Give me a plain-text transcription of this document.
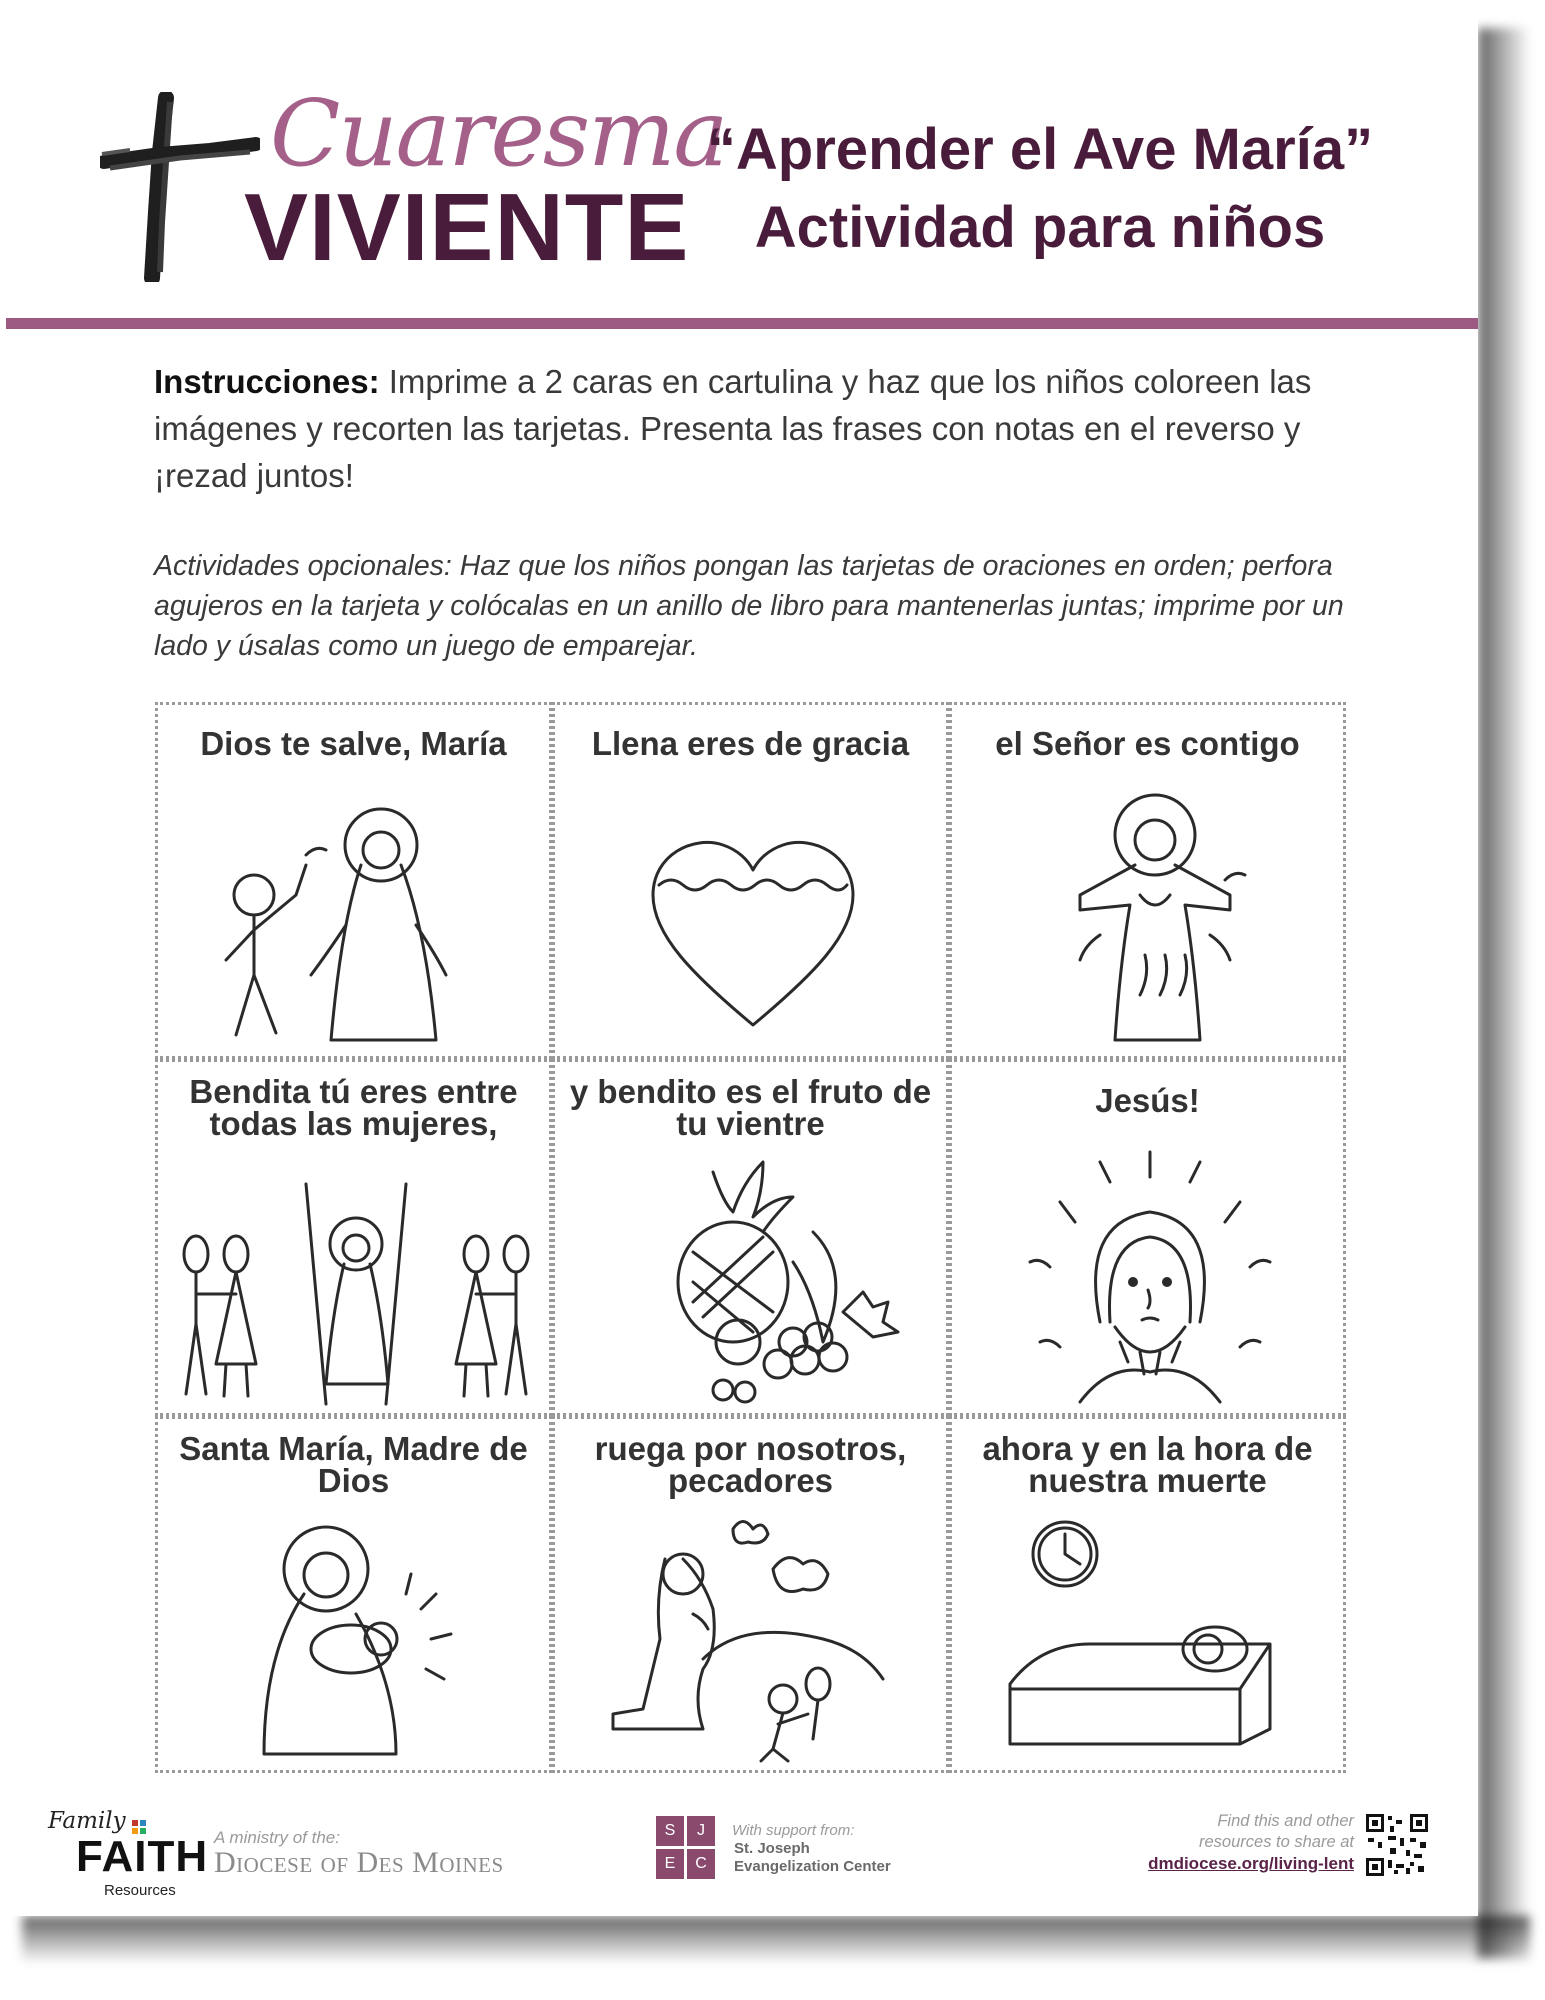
Cuaresma
VIVIENTE
“Aprender el Ave María”
Actividad para niños
Instrucciones: Imprime a 2 caras en cartulina y haz que los niños coloreen las imágenes y recorten las tarjetas. Presenta las frases con notas en el reverso y ¡rezad juntos!
Actividades opcionales: Haz que los niños pongan las tarjetas de oraciones en orden; perfora agujeros en la tarjeta y colócalas en un anillo de libro para mantenerlas juntas; imprime por un lado y úsalas como un juego de emparejar.
Dios te salve, María	Llena eres de gracia	el Señor es contigo
Bendita tú eres entre todas las mujeres,
y bendito es el fruto de tu vientre
Jesús!
Santa María, Madre de Dios
ruega por nosotros, pecadores
ahora y en la hora de nuestra muerte
Family
FAITH
Resources
A ministry of the:
Diocese of Des Moines
S	J
E	C
With support from:
St. Joseph
Evangelization Center
Find this and other
resources to share at
dmdiocese.org/living-lent
